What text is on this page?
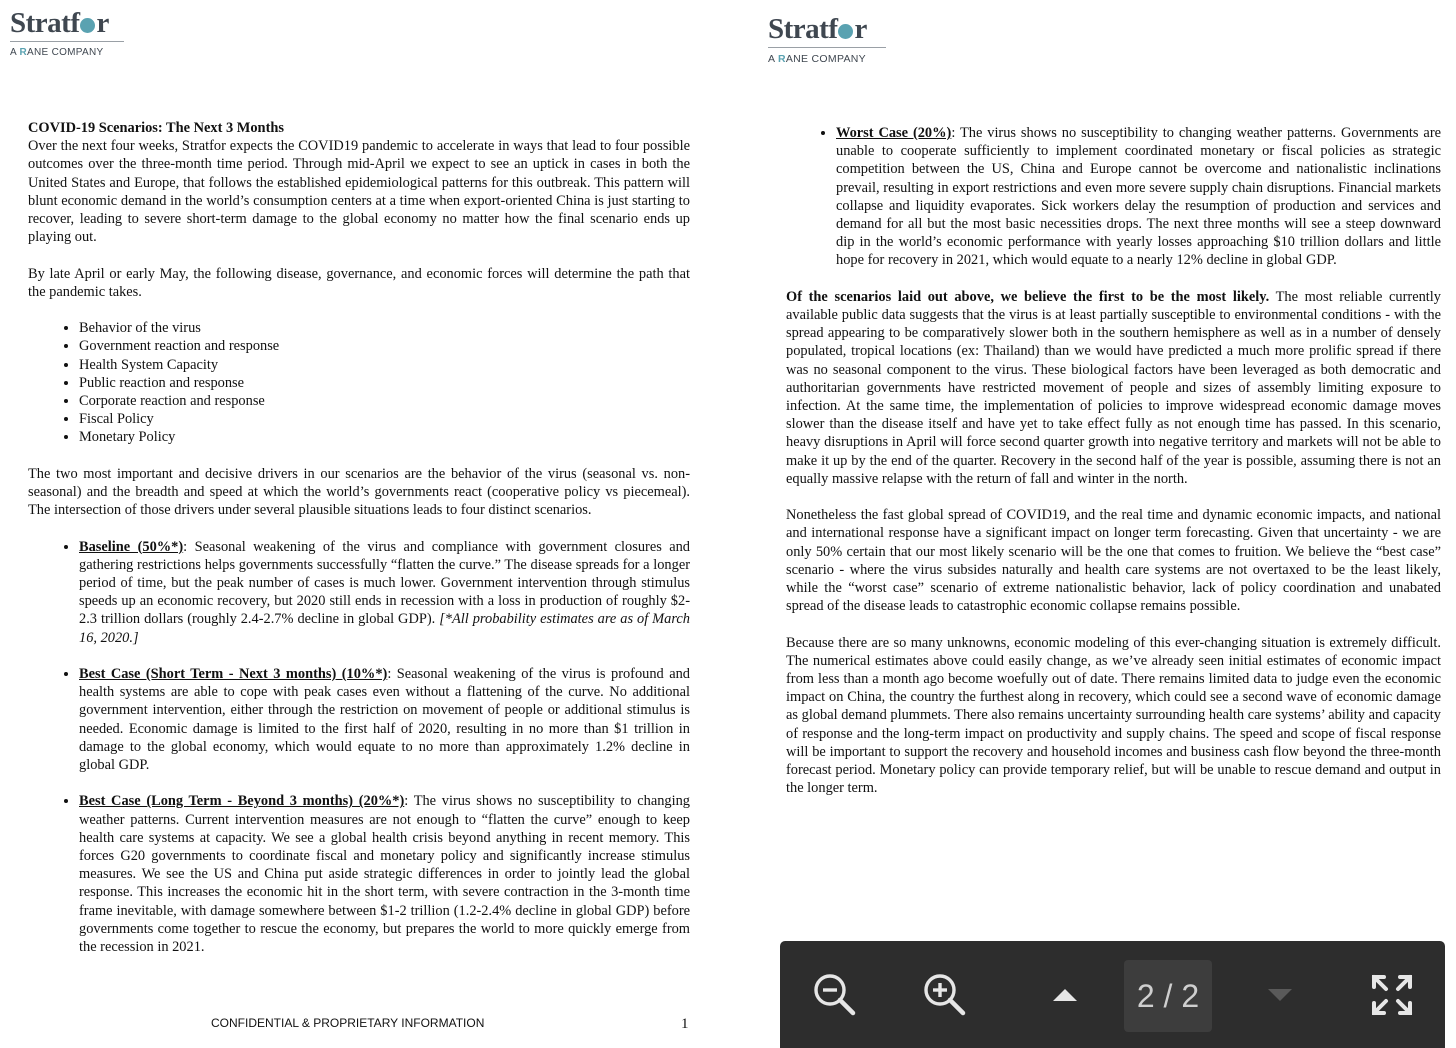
Stratf r
A RANE COMPANY
COVID-19 Scenarios: The Next 3 Months

Over the next four weeks, Stratfor expects the COVID19 pandemic to accelerate in ways that lead to four possible outcomes over the three-month time period. Through mid-April we expect to see an uptick in cases in both the United States and Europe, that follows the established epidemiological patterns for this outbreak. This pattern will blunt economic demand in the world’s consumption centers at a time when export-oriented China is just starting to recover, leading to severe short-term damage to the global economy no matter how the final scenario ends up playing out.

By late April or early May, the following disease, governance, and economic forces will determine the path that the pandemic takes.

• Behavior of the virus
• Government reaction and response
• Health System Capacity
• Public reaction and response
• Corporate reaction and response
• Fiscal Policy
• Monetary Policy

The two most important and decisive drivers in our scenarios are the behavior of the virus (seasonal vs. non-seasonal) and the breadth and speed at which the world’s governments react (cooperative policy vs piecemeal). The intersection of those drivers under several plausible situations leads to four distinct scenarios.

• Baseline (50%*): Seasonal weakening of the virus and compliance with government closures and gathering restrictions helps governments successfully “flatten the curve.” The disease spreads for a longer period of time, but the peak number of cases is much lower. Government intervention through stimulus speeds up an economic recovery, but 2020 still ends in recession with a loss in production of roughly $2-2.3 trillion dollars (roughly 2.4-2.7% decline in global GDP). [*All probability estimates are as of March 16, 2020.]
• Best Case (Short Term - Next 3 months) (10%*): Seasonal weakening of the virus is profound and health systems are able to cope with peak cases even without a flattening of the curve. No additional government intervention, either through the restriction on movement of people or additional stimulus is needed. Economic damage is limited to the first half of 2020, resulting in no more than $1 trillion in damage to the global economy, which would equate to no more than approximately 1.2% decline in global GDP.
• Best Case (Long Term - Beyond 3 months) (20%*): The virus shows no susceptibility to changing weather patterns. Current intervention measures are not enough to “flatten the curve” enough to keep health care systems at capacity. We see a global health crisis beyond anything in recent memory. This forces G20 governments to coordinate fiscal and monetary policy and significantly increase stimulus measures. We see the US and China put aside strategic differences in order to jointly lead the global response. This increases the economic hit in the short term, with severe contraction in the 3-month time frame inevitable, with damage somewhere between $1-2 trillion (1.2-2.4% decline in global GDP) before governments come together to rescue the economy, but prepares the world to more quickly emerge from the recession in 2021.
CONFIDENTIAL & PROPRIETARY INFORMATION	1
Stratf r
A RANE COMPANY
• Worst Case (20%): The virus shows no susceptibility to changing weather patterns. Governments are unable to cooperate sufficiently to implement coordinated monetary or fiscal policies as strategic competition between the US, China and Europe cannot be overcome and nationalistic inclinations prevail, resulting in export restrictions and even more severe supply chain disruptions. Financial markets collapse and liquidity evaporates. Sick workers delay the resumption of production and services and demand for all but the most basic necessities drops. The next three months will see a steep downward dip in the world’s economic performance with yearly losses approaching $10 trillion dollars and little hope for recovery in 2021, which would equate to a nearly 12% decline in global GDP.

Of the scenarios laid out above, we believe the first to be the most likely. The most reliable currently available public data suggests that the virus is at least partially susceptible to environmental conditions - with the spread appearing to be comparatively slower both in the southern hemisphere as well as in a number of densely populated, tropical locations (ex: Thailand) than we would have predicted a much more prolific spread if there was no seasonal component to the virus. These biological factors have been leveraged as both democratic and authoritarian governments have restricted movement of people and sizes of assembly limiting exposure to infection. At the same time, the implementation of policies to improve widespread economic damage moves slower than the disease itself and have yet to take effect fully as not enough time has passed. In this scenario, heavy disruptions in April will force second quarter growth into negative territory and markets will not be able to make it up by the end of the quarter. Recovery in the second half of the year is possible, assuming there is not an equally massive relapse with the return of fall and winter in the north.

Nonetheless the fast global spread of COVID19, and the real time and dynamic economic impacts, and national and international response have a significant impact on longer term forecasting. Given that uncertainty - we are only 50% certain that our most likely scenario will be the one that comes to fruition. We believe the “best case” scenario - where the virus subsides naturally and health care systems are not overtaxed to be the least likely, while the “worst case” scenario of extreme nationalistic behavior, lack of policy coordination and unabated spread of the disease leads to catastrophic economic collapse remains possible.

Because there are so many unknowns, economic modeling of this ever-changing situation is extremely difficult. The numerical estimates above could easily change, as we’ve already seen initial estimates of economic impact from less than a month ago become woefully out of date. There remains limited data to judge even the economic impact on China, the country the furthest along in recovery, which could see a second wave of economic damage as global demand plummets. There also remains uncertainty surrounding health care systems’ ability and capacity of response and the long-term impact on productivity and supply chains. The speed and scope of fiscal response will be important to support the recovery and household incomes and business cash flow beyond the three-month forecast period. Monetary policy can provide temporary relief, but will be unable to rescue demand and output in the longer term.

2 / 2
